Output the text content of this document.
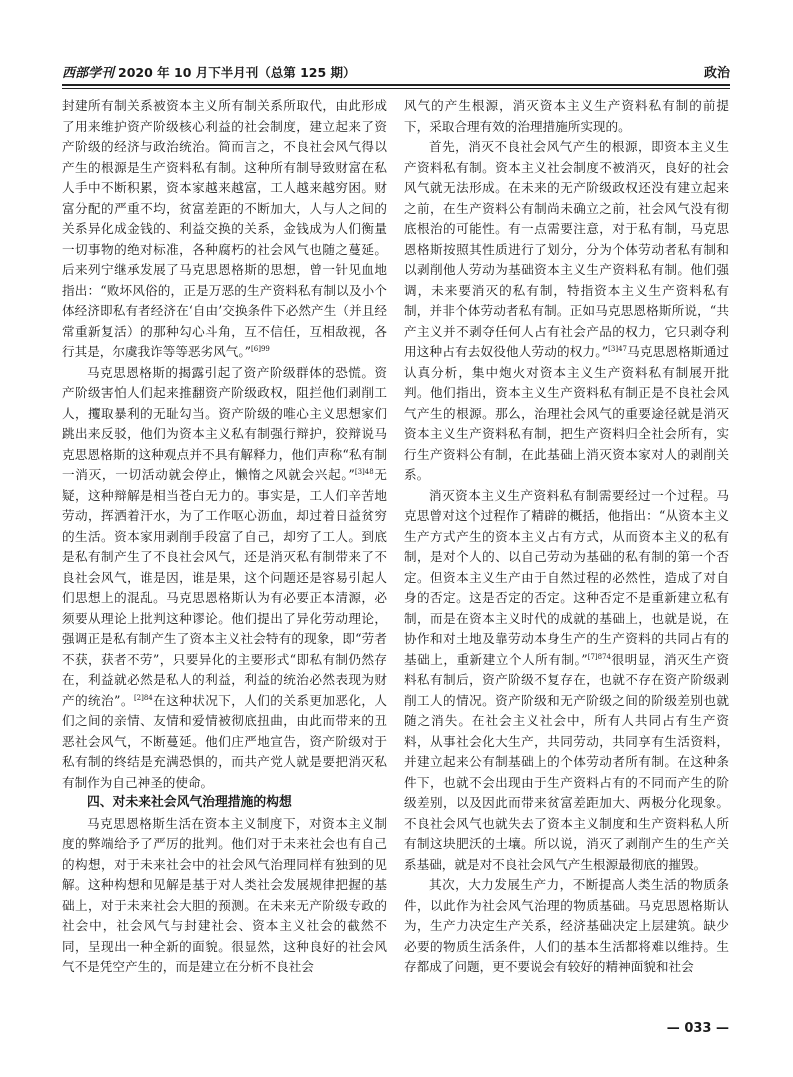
西部学刊 2020 年 10 月下半月刊（总第 125 期）	政治

封建所有制关系被资本主义所有制关系所取代，由此形成了用来维护资产阶级核心利益的社会制度，建立起来了资产阶级的经济与政治统治。简而言之，不良社会风气得以产生的根源是生产资料私有制。这种所有制导致财富在私人手中不断积累，资本家越来越富，工人越来越穷困。财富分配的严重不均，贫富差距的不断加大，人与人之间的关系异化成金钱的、利益交换的关系，金钱成为人们衡量一切事物的绝对标准，各种腐朽的社会风气也随之蔓延。后来列宁继承发展了马克思恩格斯的思想，曾一针见血地指出：“败坏风俗的，正是万恶的生产资料私有制以及小个体经济即私有者经济在‘自由’交换条件下必然产生（并且经常重新复活）的那种勾心斗角，互不信任，互相敌视，各行其是，尔虞我诈等等恶劣风气。”$^{[6]99}$

马克思恩格斯的揭露引起了资产阶级群体的恐慌。资产阶级害怕人们起来推翻资产阶级政权，阻拦他们剥削工人，攫取暴利的无耻勾当。资产阶级的唯心主义思想家们跳出来反驳，他们为资本主义私有制强行辩护，狡辩说马克思恩格斯的这种观点并不具有解释力，他们声称“私有制一消灭，一切活动就会停止，懒惰之风就会兴起。”$^{[3]48}$无疑，这种辩解是相当苍白无力的。事实是，工人们辛苦地劳动，挥洒着汗水，为了工作呕心沥血，却过着日益贫穷的生活。资本家用剥削手段富了自己，却穷了工人。到底是私有制产生了不良社会风气，还是消灭私有制带来了不良社会风气，谁是因，谁是果，这个问题还是容易引起人们思想上的混乱。马克思恩格斯认为有必要正本清源，必须要从理论上批判这种谬论。他们提出了异化劳动理论，强调正是私有制产生了资本主义社会特有的现象，即“劳者不获，获者不劳”，只要异化的主要形式“即私有制仍然存在，利益就必然是私人的利益，利益的统治必然表现为财产的统治”。$^{[2]84}$在这种状况下，人们的关系更加恶化，人们之间的亲情、友情和爱情被彻底扭曲，由此而带来的丑恶社会风气，不断蔓延。他们庄严地宣告，资产阶级对于私有制的终结是充满恐惧的，而共产党人就是要把消灭私有制作为自己神圣的使命。

四、对未来社会风气治理措施的构想

马克思恩格斯生活在资本主义制度下，对资本主义制度的弊端给予了严厉的批判。他们对于未来社会也有自己的构想，对于未来社会中的社会风气治理同样有独到的见解。这种构想和见解是基于对人类社会发展规律把握的基础上，对于未来社会大胆的预测。在未来无产阶级专政的社会中，社会风气与封建社会、资本主义社会的截然不同，呈现出一种全新的面貌。很显然，这种良好的社会风气不是凭空产生的，而是建立在分析不良社会

风气的产生根源，消灭资本主义生产资料私有制的前提下，采取合理有效的治理措施所实现的。

首先，消灭不良社会风气产生的根源，即资本主义生产资料私有制。资本主义社会制度不被消灭，良好的社会风气就无法形成。在未来的无产阶级政权还没有建立起来之前，在生产资料公有制尚未确立之前，社会风气没有彻底根治的可能性。有一点需要注意，对于私有制，马克思恩格斯按照其性质进行了划分，分为个体劳动者私有制和以剥削他人劳动为基础资本主义生产资料私有制。他们强调，未来要消灭的私有制，特指资本主义生产资料私有制，并非个体劳动者私有制。正如马克思恩格斯所说，“共产主义并不剥夺任何人占有社会产品的权力，它只剥夺利用这种占有去奴役他人劳动的权力。”$^{[3]47}$马克思恩格斯通过认真分析，集中炮火对资本主义生产资料私有制展开批判。他们指出，资本主义生产资料私有制正是不良社会风气产生的根源。那么，治理社会风气的重要途径就是消灭资本主义生产资料私有制，把生产资料归全社会所有，实行生产资料公有制，在此基础上消灭资本家对人的剥削关系。

消灭资本主义生产资料私有制需要经过一个过程。马克思曾对这个过程作了精辟的概括，他指出：“从资本主义生产方式产生的资本主义占有方式，从而资本主义的私有制，是对个人的、以自己劳动为基础的私有制的第一个否定。但资本主义生产由于自然过程的必然性，造成了对自身的否定。这是否定的否定。这种否定不是重新建立私有制，而是在资本主义时代的成就的基础上，也就是说，在协作和对土地及靠劳动本身生产的生产资料的共同占有的基础上，重新建立个人所有制。”$^{[7]874}$很明显，消灭生产资料私有制后，资产阶级不复存在，也就不存在资产阶级剥削工人的情况。资产阶级和无产阶级之间的阶级差别也就随之消失。在社会主义社会中，所有人共同占有生产资料，从事社会化大生产，共同劳动，共同享有生活资料，并建立起来公有制基础上的个体劳动者所有制。在这种条件下，也就不会出现由于生产资料占有的不同而产生的阶级差别，以及因此而带来贫富差距加大、两极分化现象。不良社会风气也就失去了资本主义制度和生产资料私人所有制这块肥沃的土壤。所以说，消灭了剥削产生的生产关系基础，就是对不良社会风气产生根源最彻底的摧毁。

其次，大力发展生产力，不断提高人类生活的物质条件，以此作为社会风气治理的物质基础。马克思恩格斯认为，生产力决定生产关系，经济基础决定上层建筑。缺少必要的物质生活条件，人们的基本生活都将难以维持。生存都成了问题，更不要说会有较好的精神面貌和社会

— 033 —
